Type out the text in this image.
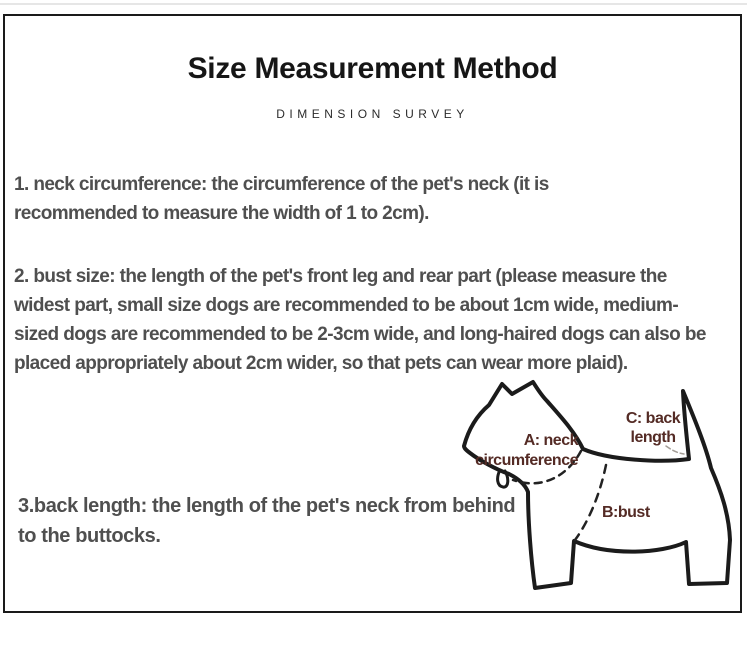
Size Measurement Method
DIMENSION SURVEY

1. neck circumference: the circumference of the pet's neck (it is recommended to measure the width of 1 to 2cm).

2. bust size: the length of the pet's front leg and rear part (please measure the widest part, small size dogs are recommended to be about 1cm wide, medium-sized dogs are recommended to be 2-3cm wide, and long-haired dogs can also be placed appropriately about 2cm wider, so that pets can wear more plaid).

3.back length: the length of the pet's neck from behind to the buttocks.

A: neck
circumference
C: back
length
B:bust
